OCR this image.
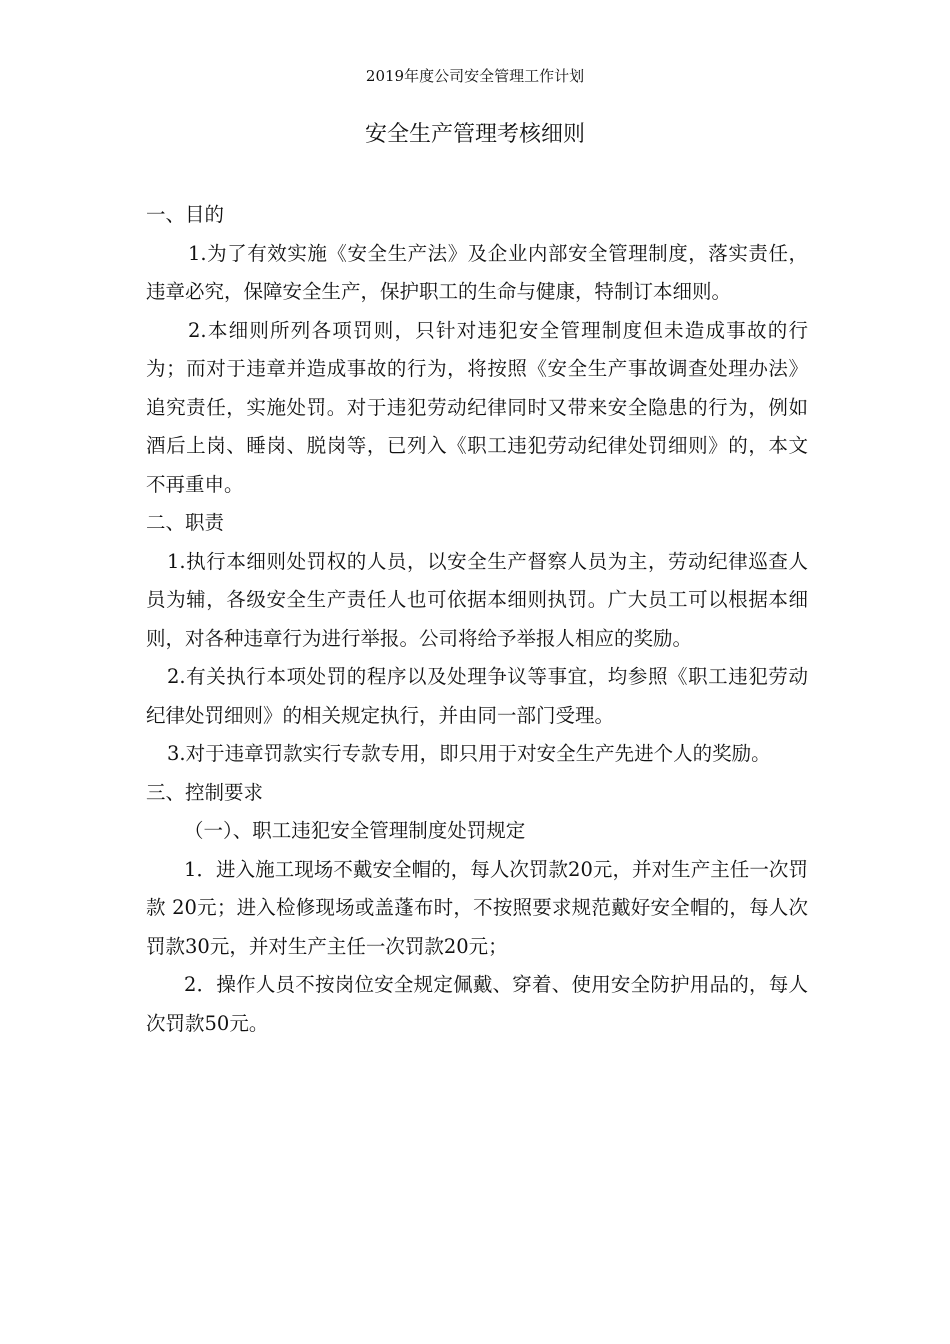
2019年度公司安全管理工作计划
安全生产管理考核细则

一、目的

1.为了有效实施《安全生产法》及企业内部安全管理制度，落实责任，违章必究，保障安全生产，保护职工的生命与健康，特制订本细则。

2.本细则所列各项罚则，只针对违犯安全管理制度但未造成事故的行为；而对于违章并造成事故的行为，将按照《安全生产事故调查处理办法》追究责任，实施处罚。对于违犯劳动纪律同时又带来安全隐患的行为，例如酒后上岗、睡岗、脱岗等，已列入《职工违犯劳动纪律处罚细则》的，本文不再重申。

二、职责

1.执行本细则处罚权的人员，以安全生产督察人员为主，劳动纪律巡查人员为辅，各级安全生产责任人也可依据本细则执罚。广大员工可以根据本细则，对各种违章行为进行举报。公司将给予举报人相应的奖励。

2.有关执行本项处罚的程序以及处理争议等事宜，均参照《职工违犯劳动纪律处罚细则》的相关规定执行，并由同一部门受理。

3.对于违章罚款实行专款专用，即只用于对安全生产先进个人的奖励。

三、控制要求

（一）、职工违犯安全管理制度处罚规定

1．进入施工现场不戴安全帽的，每人次罚款20元，并对生产主任一次罚款 20元；进入检修现场或盖蓬布时，不按照要求规范戴好安全帽的，每人次罚款30元，并对生产主任一次罚款20元；

2．操作人员不按岗位安全规定佩戴、穿着、使用安全防护用品的，每人次罚款50元。
